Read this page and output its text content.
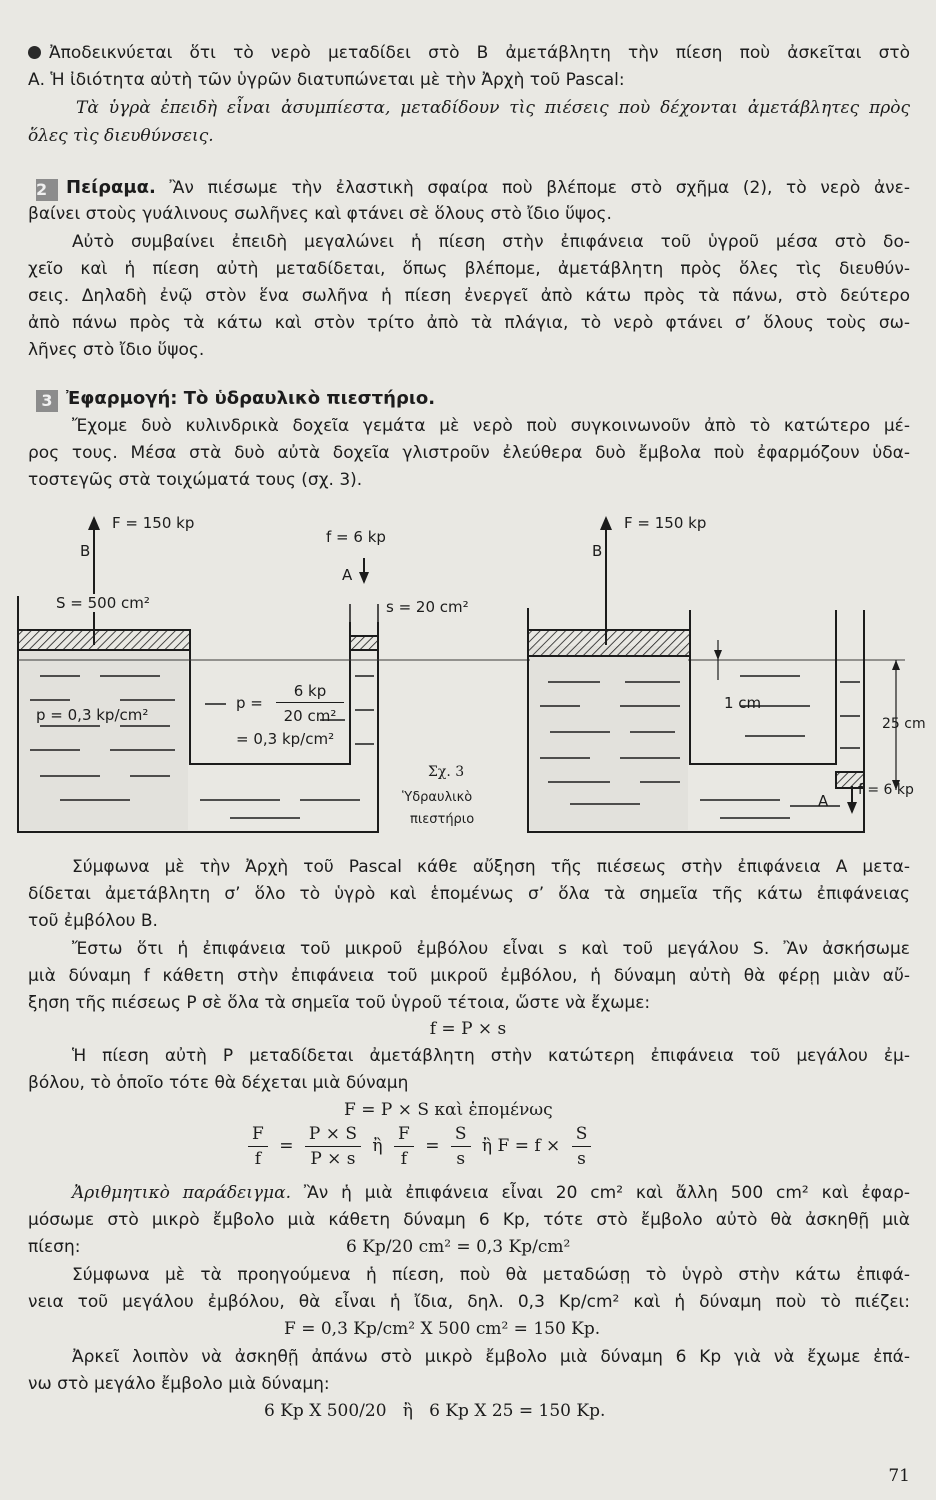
Ἀποδεικνύεται ὅτι τὸ νερὸ μεταδίδει στὸ Β ἀμετάβλητη τὴν πίεση ποὺ ἀσκεῖται στὸ
Α. Ἡ ἰδιότητα αὐτὴ τῶν ὑγρῶν διατυπώνεται μὲ τὴν Ἀρχὴ τοῦ Pascal:
Τὰ ὑγρὰ ἐπειδὴ εἶναι ἀσυμπίεστα, μεταδίδουν τὶς πιέσεις ποὺ δέχονται ἀμετάβλητες πρὸς
ὅλες τὶς διευθύνσεις.
2 Πείραμα. Ἂν πιέσωμε τὴν ἐλαστικὴ σφαίρα ποὺ βλέπομε στὸ σχῆμα (2), τὸ νερὸ ἀνε-
βαίνει στοὺς γυάλινους σωλῆνες καὶ φτάνει σὲ ὅλους στὸ ἴδιο ὕψος.
Αὐτὸ συμβαίνει ἐπειδὴ μεγαλώνει ἡ πίεση στὴν ἐπιφάνεια τοῦ ὑγροῦ μέσα στὸ δο-
χεῖο καὶ ἡ πίεση αὐτὴ μεταδίδεται, ὅπως βλέπομε, ἀμετάβλητη πρὸς ὅλες τὶς διευθύν-
σεις. Δηλαδὴ ἐνῷ στὸν ἕνα σωλῆνα ἡ πίεση ἐνεργεῖ ἀπὸ κάτω πρὸς τὰ πάνω, στὸ δεύτερο
ἀπὸ πάνω πρὸς τὰ κάτω καὶ στὸν τρίτο ἀπὸ τὰ πλάγια, τὸ νερὸ φτάνει σ’ ὅλους τοὺς σω-
λῆνες στὸ ἴδιο ὕψος.
3 Ἐφαρμογή: Τὸ ὑδραυλικὸ πιεστήριο.
Ἔχομε δυὸ κυλινδρικὰ δοχεῖα γεμάτα μὲ νερὸ ποὺ συγκοινωνοῦν ἀπὸ τὸ κατώτερο μέ-
ρος τους. Μέσα στὰ δυὸ αὐτὰ δοχεῖα γλιστροῦν ἐλεύθερα δυὸ ἔμβολα ποὺ ἐφαρμόζουν ὑδα-
τοστεγῶς στὰ τοιχώματά τους (σχ. 3).
F = 150 kp
B
f = 6 kp
A
S = 500 cm²	s = 20 cm²
p = 0,3 kp/cm²
p =
6 kp
20 cm²
= 0,3 kp/cm²
Σχ. 3
Ὑδραυλικὸ
πιεστήριο
F = 150 kp
B
1 cm
25 cm
f = 6 kp
A
Σύμφωνα μὲ τὴν Ἀρχὴ τοῦ Pascal κάθε αὔξηση τῆς πιέσεως στὴν ἐπιφάνεια Α μετα-
δίδεται ἀμετάβλητη σ’ ὅλο τὸ ὑγρὸ καὶ ἑπομένως σ’ ὅλα τὰ σημεῖα τῆς κάτω ἐπιφάνειας
τοῦ ἐμβόλου Β.
Ἔστω ὅτι ἡ ἐπιφάνεια τοῦ μικροῦ ἐμβόλου εἶναι s καὶ τοῦ μεγάλου S. Ἂν ἀσκήσωμε
μιὰ δύναμη f κάθετη στὴν ἐπιφάνεια τοῦ μικροῦ ἐμβόλου, ἡ δύναμη αὐτὴ θὰ φέρῃ μιὰν αὔ-
ξηση τῆς πιέσεως P σὲ ὅλα τὰ σημεῖα τοῦ ὑγροῦ τέτοια, ὥστε νὰ ἔχωμε:
f = P × s
Ἡ πίεση αὐτὴ P μεταδίδεται ἀμετάβλητη στὴν κατώτερη ἐπιφάνεια τοῦ μεγάλου ἐμ-
βόλου, τὸ ὁποῖο τότε θὰ δέχεται μιὰ δύναμη
F = P × S καὶ ἑπομένως
$\frac{F}{f} = \frac{P \times S}{P \times s}$ ἢ $\frac{F}{f} = \frac{S}{s}$ ἢ $F = f \times \frac{S}{s}$
Ἀριθμητικὸ παράδειγμα. Ἂν ἡ μιὰ ἐπιφάνεια εἶναι 20 cm² καὶ ἄλλη 500 cm² καὶ ἐφαρ-
μόσωμε στὸ μικρὸ ἔμβολο μιὰ κάθετη δύναμη 6 Kp, τότε στὸ ἔμβολο αὐτὸ θὰ ἀσκηθῇ μιὰ
πίεση:	6 Kp/20 cm² = 0,3 Kp/cm²
Σύμφωνα μὲ τὰ προηγούμενα ἡ πίεση, ποὺ θὰ μεταδώσῃ τὸ ὑγρὸ στὴν κάτω ἐπιφά-
νεια τοῦ μεγάλου ἐμβόλου, θὰ εἶναι ἡ ἴδια, δηλ. 0,3 Kp/cm² καὶ ἡ δύναμη ποὺ τὸ πιέζει:
F = 0,3 Kp/cm² X 500 cm² = 150 Kp.
Ἀρκεῖ λοιπὸν νὰ ἀσκηθῇ ἀπάνω στὸ μικρὸ ἔμβολο μιὰ δύναμη 6 Kp γιὰ νὰ ἔχωμε ἐπά-
νω στὸ μεγάλο ἔμβολο μιὰ δύναμη:
6 Kp X 500/20   ἢ   6 Kp X 25 = 150 Kp.
71
